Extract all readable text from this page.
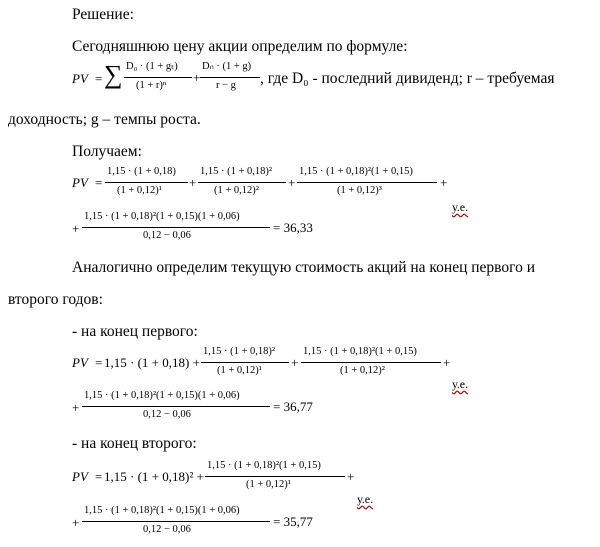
Решение:
Сегодняшнюю цену акции определим по формуле:
PV = ∑ D₀ · (1 + gₜ)
(1 + r)ⁿ
+
Dₙ · (1 + g)
r − g , где D₀ - последний дивиденд; r – требуемая
доходность; g – темпы роста.
Получаем:
PV =
1,15 · (1 + 0,18)
(1 + 0,12)¹
+
1,15 · (1 + 0,18)²
(1 + 0,12)²
+
1,15 · (1 + 0,18)²(1 + 0,15)
(1 + 0,12)³
+
у.е.
+
1,15 · (1 + 0,18)²(1 + 0,15)(1 + 0,06)
0,12 − 0,06
= 36,33
Аналогично определим текущую стоимость акций на конец первого и
второго годов:
- на конец первого:
PV = 1,15 · (1 + 0,18) +
1,15 · (1 + 0,18)²
(1 + 0,12)¹
+
1,15 · (1 + 0,18)²(1 + 0,15)
(1 + 0,12)²
+
у.е.
+
1,15 · (1 + 0,18)²(1 + 0,15)(1 + 0,06)
0,12 − 0,06
= 36,77
- на конец второго:
PV = 1,15 · (1 + 0,18)² +
1,15 · (1 + 0,18)²(1 + 0,15)
(1 + 0,12)¹
+
у.е.
+
1,15 · (1 + 0,18)²(1 + 0,15)(1 + 0,06)
0,12 − 0,06
= 35,77
